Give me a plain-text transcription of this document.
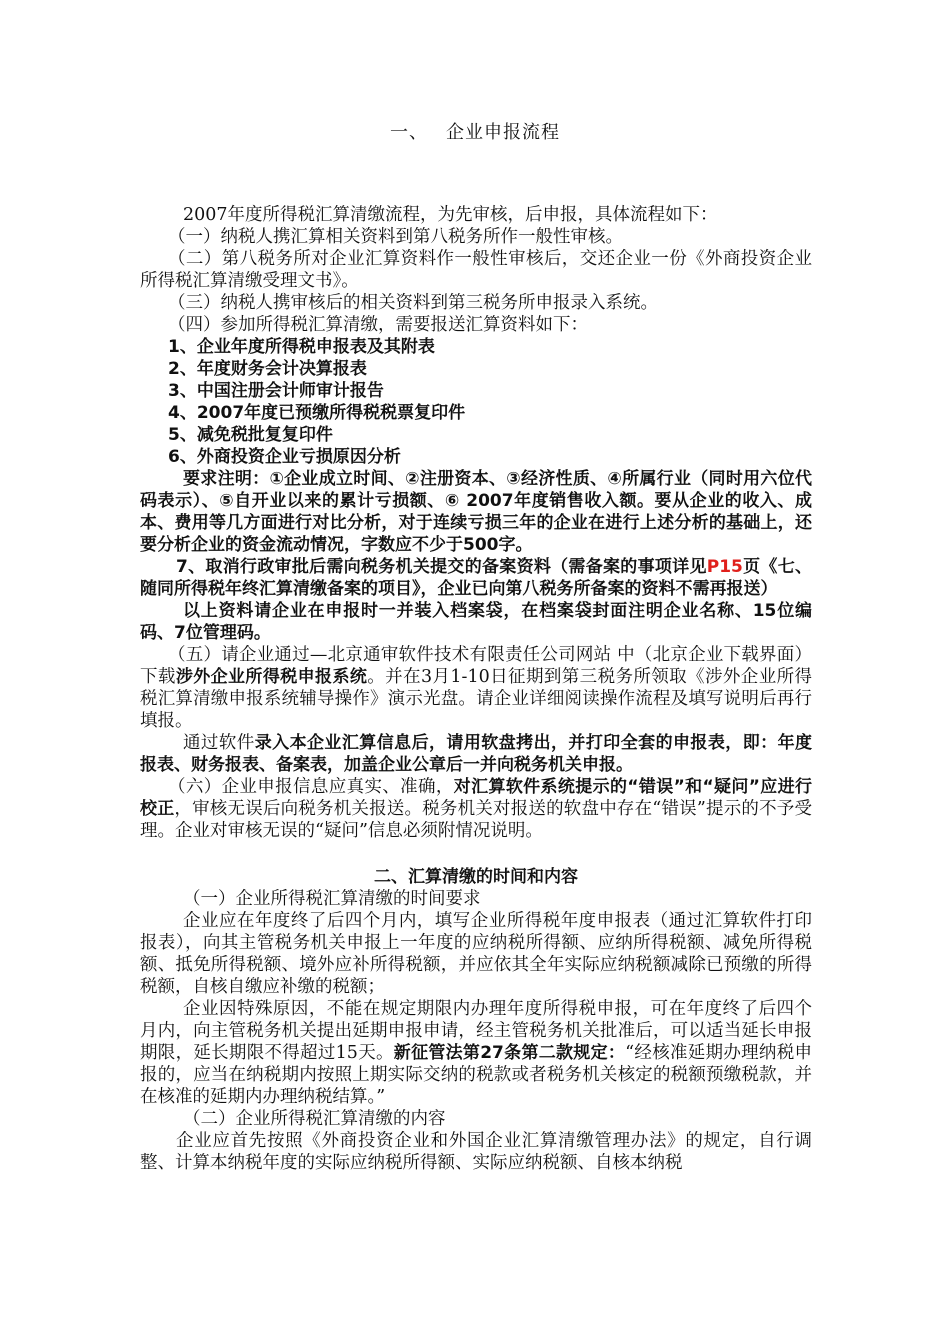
一、 企业申报流程
2007年度所得税汇算清缴流程，为先审核，后申报，具体流程如下：
（一）纳税人携汇算相关资料到第八税务所作一般性审核。
（二）第八税务所对企业汇算资料作一般性审核后，交还企业一份《外商投资企业所得税汇算清缴受理文书》。
（三）纳税人携审核后的相关资料到第三税务所申报录入系统。
（四）参加所得税汇算清缴，需要报送汇算资料如下：
1、企业年度所得税申报表及其附表
2、年度财务会计决算报表
3、中国注册会计师审计报告
4、2007年度已预缴所得税税票复印件
5、减免税批复复印件
6、外商投资企业亏损原因分析
要求注明：①企业成立时间、②注册资本、③经济性质、④所属行业（同时用六位代码表示）、⑤自开业以来的累计亏损额、⑥ 2007年度销售收入额。要从企业的收入、成本、费用等几方面进行对比分析，对于连续亏损三年的企业在进行上述分析的基础上，还要分析企业的资金流动情况，字数应不少于500字。
7、取消行政审批后需向税务机关提交的备案资料（需备案的事项详见P15页《七、随同所得税年终汇算清缴备案的项目》，企业已向第八税务所备案的资料不需再报送）
以上资料请企业在申报时一并装入档案袋，在档案袋封面注明企业名称、15位编码、7位管理码。
（五）请企业通过—北京通审软件技术有限责任公司网站 中（北京企业下载界面）下载涉外企业所得税申报系统。并在3月1-10日征期到第三税务所领取《涉外企业所得税汇算清缴申报系统辅导操作》演示光盘。请企业详细阅读操作流程及填写说明后再行填报。
通过软件录入本企业汇算信息后，请用软盘拷出，并打印全套的申报表，即：年度报表、财务报表、备案表，加盖企业公章后一并向税务机关申报。
（六）企业申报信息应真实、准确，对汇算软件系统提示的“错误”和“疑问”应进行校正，审核无误后向税务机关报送。税务机关对报送的软盘中存在“错误”提示的不予受理。企业对审核无误的“疑问”信息必须附情况说明。
二、汇算清缴的时间和内容
（一）企业所得税汇算清缴的时间要求
企业应在年度终了后四个月内，填写企业所得税年度申报表（通过汇算软件打印报表），向其主管税务机关申报上一年度的应纳税所得额、应纳所得税额、减免所得税额、抵免所得税额、境外应补所得税额，并应依其全年实际应纳税额减除已预缴的所得税额，自核自缴应补缴的税额；
企业因特殊原因，不能在规定期限内办理年度所得税申报，可在年度终了后四个月内，向主管税务机关提出延期申报申请，经主管税务机关批准后，可以适当延长申报期限，延长期限不得超过15天。新征管法第27条第二款规定：“经核准延期办理纳税申报的，应当在纳税期内按照上期实际交纳的税款或者税务机关核定的税额预缴税款，并在核准的延期内办理纳税结算。”
（二）企业所得税汇算清缴的内容
企业应首先按照《外商投资企业和外国企业汇算清缴管理办法》的规定，自行调整、计算本纳税年度的实际应纳税所得额、实际应纳税额、自核本纳税
